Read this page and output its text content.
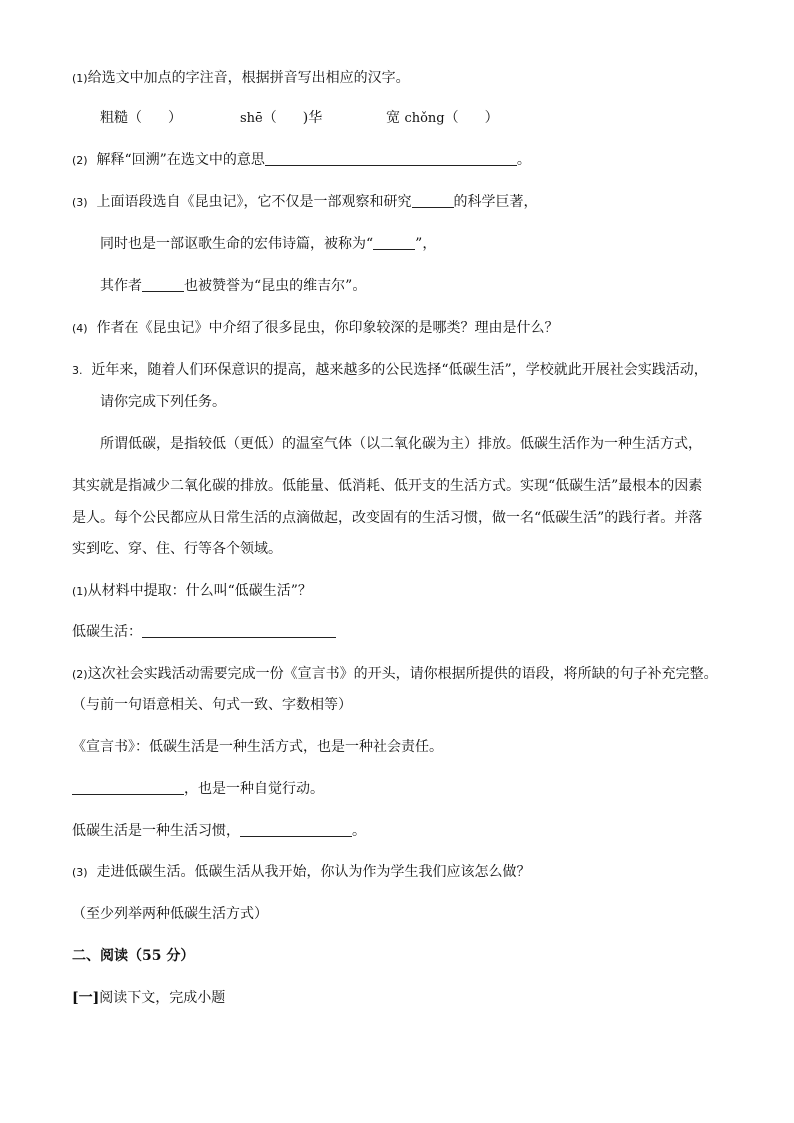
(1)给选文中加点的字注音，根据拼音写出相应的汉字。
粗糙（ ）	shē（ )华	宽 chǒng（ ）
(2) 解释“回溯”在选文中的意思	。
(3) 上面语段选自《昆虫记》，它不仅是一部观察和研究	的科学巨著，
同时也是一部讴歌生命的宏伟诗篇，被称为“	”，
其作者	也被赞誉为“昆虫的维吉尔”。
(4) 作者在《昆虫记》中介绍了很多昆虫，你印象较深的是哪类？理由是什么？
3. 近年来，随着人们环保意识的提高，越来越多的公民选择“低碳生活”，学校就此开展社会实践活动，
请你完成下列任务。
所谓低碳，是指较低（更低）的温室气体（以二氧化碳为主）排放。低碳生活作为一种生活方式，
其实就是指减少二氧化碳的排放。低能量、低消耗、低开支的生活方式。实现“低碳生活”最根本的因素
是人。每个公民都应从日常生活的点滴做起，改变固有的生活习惯，做一名“低碳生活”的践行者。并落
实到吃、穿、住、行等各个领域。
(1)从材料中提取：什么叫“低碳生活”？
低碳生活：
(2)这次社会实践活动需要完成一份《宣言书》的开头，请你根据所提供的语段，将所缺的句子补充完整。
（与前一句语意相关、句式一致、字数相等）
《宣言书》：低碳生活是一种生活方式，也是一种社会责任。
，也是一种自觉行动。
低碳生活是一种生活习惯，	。
(3) 走进低碳生活。低碳生活从我开始，你认为作为学生我们应该怎么做？
（至少列举两种低碳生活方式）
二、阅读（55 分）
[一]阅读下文，完成小题
